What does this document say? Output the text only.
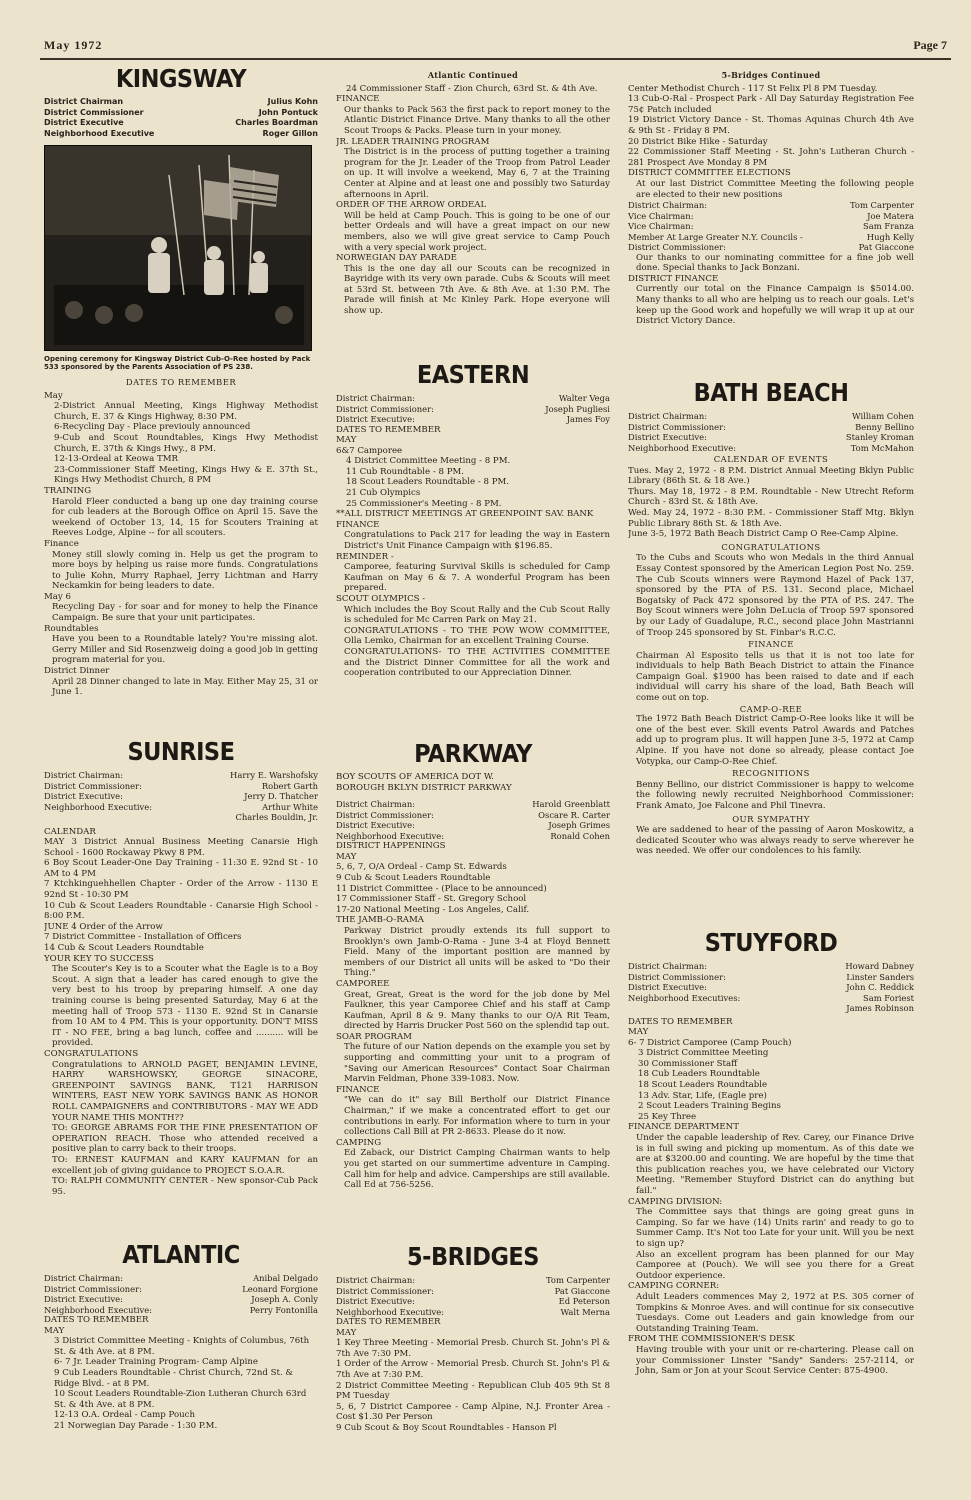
May 1972	Page 7
KINGSWAY
District Chairman	Julius Kohn
District Commissioner	John Pontuck
District Executive	Charles Boardman
Neighborhood Executive	Roger Gillon
Opening ceremony for Kingsway District Cub-O-Ree hosted by Pack 533 sponsored by the Parents Association of PS 238.
DATES TO REMEMBER

May

2-District Annual Meeting, Kings Highway Methodist Church, E. 37 & Kings Highway, 8:30 PM.

6-Recycling Day - Place previouly announced

9-Cub and Scout Roundtables, Kings Hwy Methodist Church, E. 37th & Kings Hwy., 8 PM.

12-13-Ordeal at Keowa TMR

23-Commissioner Staff Meeting, Kings Hwy & E. 37th St., Kings Hwy Methodist Church, 8 PM

TRAINING

Harold Fleer conducted a bang up one day training course for cub leaders at the Borough Office on April 15. Save the weekend of October 13, 14, 15 for Scouters Training at Reeves Lodge, Alpine -- for all scouters.

Finance

Money still slowly coming in. Help us get the program to more boys by helping us raise more funds. Congratulations to Julie Kohn, Murry Raphael, Jerry Lichtman and Harry Neckamkin for being leaders to date.

May 6

Recycling Day - for soar and for money to help the Finance Campaign. Be sure that your unit participates.

Roundtables

Have you been to a Roundtable lately? You're missing alot. Gerry Miller and Sid Rosenzweig doing a good job in getting program material for you.

District Dinner

April 28 Dinner changed to late in May. Either May 25, 31 or June 1.

SUNRISE
District Chairman:	Harry E. Warshofsky
District Commissioner:	Robert Garth
District Executive:	Jerry D. Thatcher
Neighborhood Executive:	Arthur White
	Charles Bouldin, Jr.

CALENDAR

MAY 3 District Annual Business Meeting Canarsie High School - 1600 Rockaway Pkwy 8 PM.

6 Boy Scout Leader-One Day Training - 11:30 E. 92nd St - 10 AM to 4 PM

7 Ktchkinguehhellen Chapter - Order of the Arrow - 1130 E 92nd St - 10:30 PM

10 Cub & Scout Leaders Roundtable - Canarsie High School - 8:00 P.M.

JUNE 4 Order of the Arrow

7 District Committee - Installation of Officers

14 Cub & Scout Leaders Roundtable

YOUR KEY TO SUCCESS

The Scouter's Key is to a Scouter what the Eagle is to a Boy Scout. A sign that a leader has cared enough to give the very best to his troop by preparing himself. A one day training course is being presented Saturday, May 6 at the meeting hall of Troop 573 - 1130 E. 92nd St in Canarsie from 10 AM to 4 PM. This is your opportunity. DON'T MISS IT - NO FEE, bring a bag lunch, coffee and .......... will be provided.

CONGRATULATIONS

Congratulations to ARNOLD PAGET, BENJAMIN LEVINE, HARRY WARSHOWSKY, GEORGE SINACORE, GREENPOINT SAVINGS BANK, T121 HARRISON WINTERS, EAST NEW YORK SAVINGS BANK AS HONOR ROLL CAMPAIGNERS and CONTRIBUTORS - MAY WE ADD YOUR NAME THIS MONTH??

TO: GEORGE ABRAMS FOR THE FINE PRESENTATION OF OPERATION REACH. Those who attended received a positive plan to carry back to their troops.

TO: ERNEST KAUFMAN and KARY KAUFMAN for an excellent job of giving guidance to PROJECT S.O.A.R.

TO: RALPH COMMUNITY CENTER - New sponsor-Cub Pack 95.

ATLANTIC
District Chairman:	Anibal Delgado
District Commissioner:	Leonard Forgione
District Executive:	Joseph A. Conly
Neighborhood Executive:	Perry Fontonilla

DATES TO REMEMBER

MAY

3 District Committee Meeting - Knights of Columbus, 76th St. & 4th Ave. at 8 PM.

6- 7 Jr. Leader Training Program- Camp Alpine

9 Cub Leaders Roundtable - Christ Church, 72nd St. & Ridge Blvd. - at 8 PM.

10 Scout Leaders Roundtable-Zion Lutheran Church 63rd St. & 4th Ave. at 8 PM.

12-13 O.A. Ordeal - Camp Pouch

21 Norwegian Day Parade - 1:30 P.M.

Atlantic Continued

24 Commissioner Staff - Zion Church, 63rd St. & 4th Ave.

FINANCE

Our thanks to Pack 563 the first pack to report money to the Atlantic District Finance Drive. Many thanks to all the other Scout Troops & Packs. Please turn in your money.

JR. LEADER TRAINING PROGRAM

The District is in the process of putting together a training program for the Jr. Leader of the Troop from Patrol Leader on up. It will involve a weekend, May 6, 7 at the Training Center at Alpine and at least one and possibly two Saturday afternoons in April.

ORDER OF THE ARROW ORDEAL

Will be held at Camp Pouch. This is going to be one of our better Ordeals and will have a great impact on our new members, also we will give great service to Camp Pouch with a very special work project.

NORWEGIAN DAY PARADE

This is the one day all our Scouts can be recognized in Bayridge with its very own parade. Cubs & Scouts will meet at 53rd St. between 7th Ave. & 8th Ave. at 1:30 P.M. The Parade will finish at Mc Kinley Park. Hope everyone will show up.

EASTERN
District Chairman:	Walter Vega
District Commissioner:	Joseph Pugliesi
District Executive:	James Foy

DATES TO REMEMBER

MAY

6&7 Camporee

4 District Committee Meeting - 8 PM.

11 Cub Roundtable - 8 PM.

18 Scout Leaders Roundtable - 8 PM.

21 Cub Olympics

25 Commissioner's Meeting - 8 PM.

**ALL DISTRICT MEETINGS AT GREENPOINT SAV. BANK

FINANCE

Congratulations to Pack 217 for leading the way in Eastern District's Unit Finance Campaign with $196.85.

REMINDER -

Camporee, featuring Survival Skills is scheduled for Camp Kaufman on May 6 & 7. A wonderful Program has been prepared.

SCOUT OLYMPICS -

Which includes the Boy Scout Rally and the Cub Scout Rally is scheduled for Mc Carren Park on May 21.

CONGRATULATIONS - TO THE POW WOW COMMITTEE, Olla Lemko, Chairman for an excellent Training Course.

CONGRATULATIONS- TO THE ACTIVITIES COMMITTEE and the District Dinner Committee for all the work and cooperation contributed to our Appreciation Dinner.

PARKWAY

BOY SCOUTS OF AMERICA DOT W.

BOROUGH BKLYN DISTRICT PARKWAY

District Chairman:	Harold Greenblatt
District Commissioner:	Oscare R. Carter
District Executive:	Joseph Grimes
Neighborhood Executive:	Ronald Cohen

DISTRICT HAPPENINGS

MAY

5, 6, 7, O/A Ordeal - Camp St. Edwards

9 Cub & Scout Leaders Roundtable

11 District Committee - (Place to be announced)

17 Commissioner Staff - St. Gregory School

17-20 National Meeting - Los Angeles, Calif.

THE JAMB-O-RAMA

Parkway District proudly extends its full support to Brooklyn's own Jamb-O-Rama - June 3-4 at Floyd Bennett Field. Many of the important position are manned by members of our District all units will be asked to "Do their Thing."

CAMPOREE

Great, Great, Great is the word for the job done by Mel Faulkner, this year Camporee Chief and his staff at Camp Kaufman, April 8 & 9. Many thanks to our O/A Rit Team, directed by Harris Drucker Post 560 on the splendid tap out.

SOAR PROGRAM

The future of our Nation depends on the example you set by supporting and committing your unit to a program of "Saving our American Resources" Contact Soar Chairman Marvin Feldman, Phone 339-1083. Now.

FINANCE

"We can do it" say Bill Bertholf our District Finance Chairman," if we make a concentrated effort to get our contributions in early. For information where to turn in your collections Call Bill at PR 2-8633. Please do it now.

CAMPING

Ed Zaback, our District Camping Chairman wants to help you get started on our summertime adventure in Camping. Call him for help and advice. Camperships are still available. Call Ed at 756-5256.

5-BRIDGES
District Chairman:	Tom Carpenter
District Commissioner:	Pat Giaccone
District Executive:	Ed Peterson
Neighborhood Executive:	Walt Merna

DATES TO REMEMBER

MAY

1 Key Three Meeting - Memorial Presb. Church St. John's Pl & 7th Ave 7:30 PM.

1 Order of the Arrow - Memorial Presb. Church St. John's Pl & 7th Ave at 7:30 P.M.

2 District Committee Meeting - Republican Club 405 9th St 8 PM Tuesday

5, 6, 7 District Camporee - Camp Alpine, N.J. Fronter Area - Cost $1.30 Per Person

9 Cub Scout & Boy Scout Roundtables - Hanson Pl

5-Bridges Continued

Center Methodist Church - 117 St Felix Pl 8 PM Tuesday.

13 Cub-O-Ral - Prospect Park - All Day Saturday Registration Fee 75¢ Patch included

19 District Victory Dance - St. Thomas Aquinas Church 4th Ave & 9th St - Friday 8 PM.

20 District Bike Hike - Saturday

22 Commissioner Staff Meeting - St. John's Lutheran Church - 281 Prospect Ave Monday 8 PM

DISTRICT COMMITTEE ELECTIONS

At our last District Committee Meeting the following people are elected to their new positions

District Chairman:	Tom Carpenter
Vice Chairman:	Joe Matera
Vice Chairman:	Sam Franza
Member At Large Greater N.Y. Councils -	Hugh Kelly
District Commissioner:	Pat Giaccone

Our thanks to our nominating committee for a fine job well done. Special thanks to Jack Bonzani.

DISTRICT FINANCE

Currently our total on the Finance Campaign is $5014.00. Many thanks to all who are helping us to reach our goals. Let's keep up the Good work and hopefully we will wrap it up at our District Victory Dance.

BATH BEACH
District Chairman:	William Cohen
District Commissioner:	Benny Bellino
District Executive:	Stanley Kroman
Neighborhood Executive:	Tom McMahon
CALENDAR OF EVENTS

Tues. May 2, 1972 - 8 P.M. District Annual Meeting Bklyn Public Library (86th St. & 18 Ave.)

Thurs. May 18, 1972 - 8 P.M. Roundtable - New Utrecht Reform Church - 83rd St. & 18th Ave.

Wed. May 24, 1972 - 8:30 P.M. - Commissioner Staff Mtg. Bklyn Public Library 86th St. & 18th Ave.

June 3-5, 1972 Bath Beach District Camp O Ree-Camp Alpine.

CONGRATULATIONS

To the Cubs and Scouts who won Medals in the third Annual Essay Contest sponsored by the American Legion Post No. 259. The Cub Scouts winners were Raymond Hazel of Pack 137, sponsored by the PTA of P.S. 131. Second place, Michael Bogatsky of Pack 472 sponsored by the PTA of P.S. 247. The Boy Scout winners were John DeLucia of Troop 597 sponsored by our Lady of Guadalupe, R.C., second place John Mastrianni of Troop 245 sponsored by St. Finbar's R.C.C.

FINANCE

Chairman Al Esposito tells us that it is not too late for individuals to help Bath Beach District to attain the Finance Campaign Goal. $1900 has been raised to date and if each individual will carry his share of the load, Bath Beach will come out on top.

CAMP-O-REE

The 1972 Bath Beach District Camp-O-Ree looks like it will be one of the best ever. Skill events Patrol Awards and Patches add up to program plus. It will happen June 3-5, 1972 at Camp Alpine. If you have not done so already, please contact Joe Votypka, our Camp-O-Ree Chief.

RECOGNITIONS

Benny Bellino, our district Commissioner is happy to welcome the following newly recruited Neighborhood Commissioner: Frank Amato, Joe Falcone and Phil Tinevra.

OUR SYMPATHY

We are saddened to hear of the passing of Aaron Moskowitz, a dedicated Scouter who was always ready to serve wherever he was needed. We offer our condolences to his family.

STUYFORD
District Chairman:	Howard Dabney
District Commissioner:	Linster Sanders
District Executive:	John C. Reddick
Neighborhood Executives:	Sam Foriest
	James Robinson

DATES TO REMEMBER

MAY

6- 7 District Camporee (Camp Pouch)

3 District Committee Meeting

30 Commissioner Staff

18 Cub Leaders Roundtable

18 Scout Leaders Roundtable

13 Adv. Star, Life, (Eagle pre)

2 Scout Leaders Training Begins

25 Key Three

FINANCE DEPARTMENT

Under the capable leadership of Rev. Carey, our Finance Drive is in full swing and picking up momentum. As of this date we are at $3200.00 and counting. We are hopeful by the time that this publication reaches you, we have celebrated our Victory Meeting. "Remember Stuyford District can do anything but fail."

CAMPING DIVISION:

The Committee says that things are going great guns in Camping. So far we have (14) Units rarin' and ready to go to Summer Camp. It's Not too Late for your unit. Will you be next to sign up?

Also an excellent program has been planned for our May Camporee at (Pouch). We will see you there for a Great Outdoor experience.

CAMPING CORNER:

Adult Leaders commences May 2, 1972 at P.S. 305 corner of Tompkins & Monroe Aves. and will continue for six consecutive Tuesdays. Come out Leaders and gain knowledge from our Outstanding Training Team.

FROM THE COMMISSIONER'S DESK

Having trouble with your unit or re-chartering. Please call on your Commissioner Linster "Sandy" Sanders: 257-2114, or John, Sam or Jon at your Scout Service Center: 875-4900.
